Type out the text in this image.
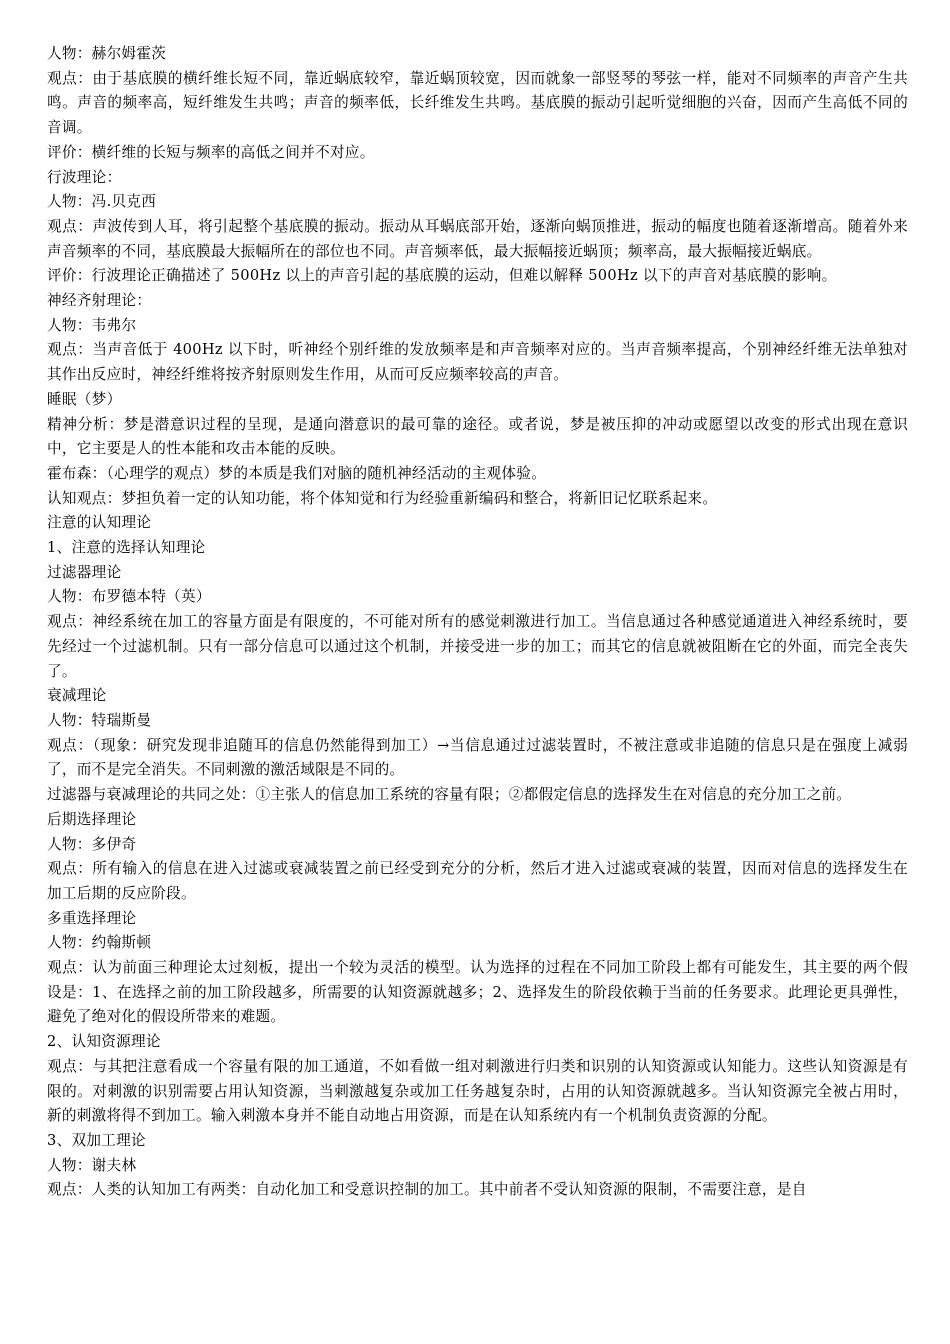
人物：赫尔姆霍茨

观点：由于基底膜的横纤维长短不同，靠近蜗底较窄，靠近蜗顶较宽，因而就象一部竖琴的琴弦一样，能对不同频率的声音产生共鸣。声音的频率高，短纤维发生共鸣；声音的频率低，长纤维发生共鸣。基底膜的振动引起听觉细胞的兴奋，因而产生高低不同的音调。

评价：横纤维的长短与频率的高低之间并不对应。

行波理论：

人物：冯.贝克西

观点：声波传到人耳，将引起整个基底膜的振动。振动从耳蜗底部开始，逐渐向蜗顶推进，振动的幅度也随着逐渐增高。随着外来声音频率的不同，基底膜最大振幅所在的部位也不同。声音频率低，最大振幅接近蜗顶；频率高，最大振幅接近蜗底。

评价：行波理论正确描述了 500Hz 以上的声音引起的基底膜的运动，但难以解释 500Hz 以下的声音对基底膜的影响。

神经齐射理论：

人物：韦弗尔

观点：当声音低于 400Hz 以下时，听神经个别纤维的发放频率是和声音频率对应的。当声音频率提高，个别神经纤维无法单独对其作出反应时，神经纤维将按齐射原则发生作用，从而可反应频率较高的声音。

睡眠（梦）

精神分析：梦是潜意识过程的呈现，是通向潜意识的最可靠的途径。或者说，梦是被压抑的冲动或愿望以改变的形式出现在意识中，它主要是人的性本能和攻击本能的反映。

霍布森：（心理学的观点）梦的本质是我们对脑的随机神经活动的主观体验。

认知观点：梦担负着一定的认知功能，将个体知觉和行为经验重新编码和整合，将新旧记忆联系起来。

注意的认知理论

1、注意的选择认知理论

过滤器理论

人物：布罗德本特（英）

观点：神经系统在加工的容量方面是有限度的，不可能对所有的感觉刺激进行加工。当信息通过各种感觉通道进入神经系统时，要先经过一个过滤机制。只有一部分信息可以通过这个机制，并接受进一步的加工；而其它的信息就被阻断在它的外面，而完全丧失了。

衰减理论

人物：特瑞斯曼

观点：（现象：研究发现非追随耳的信息仍然能得到加工）→当信息通过过滤装置时，不被注意或非追随的信息只是在强度上减弱了，而不是完全消失。不同刺激的激活域限是不同的。

过滤器与衰减理论的共同之处：①主张人的信息加工系统的容量有限；②都假定信息的选择发生在对信息的充分加工之前。

后期选择理论

人物：多伊奇

观点：所有输入的信息在进入过滤或衰减装置之前已经受到充分的分析，然后才进入过滤或衰减的装置，因而对信息的选择发生在加工后期的反应阶段。

多重选择理论

人物：约翰斯顿

观点：认为前面三种理论太过刻板，提出一个较为灵活的模型。认为选择的过程在不同加工阶段上都有可能发生，其主要的两个假设是：1、在选择之前的加工阶段越多，所需要的认知资源就越多；2、选择发生的阶段依赖于当前的任务要求。此理论更具弹性，避免了绝对化的假设所带来的难题。

2、认知资源理论

观点：与其把注意看成一个容量有限的加工通道，不如看做一组对刺激进行归类和识别的认知资源或认知能力。这些认知资源是有限的。对刺激的识别需要占用认知资源，当刺激越复杂或加工任务越复杂时，占用的认知资源就越多。当认知资源完全被占用时，新的刺激将得不到加工。输入刺激本身并不能自动地占用资源，而是在认知系统内有一个机制负责资源的分配。

3、双加工理论

人物：谢夫林

观点：人类的认知加工有两类：自动化加工和受意识控制的加工。其中前者不受认知资源的限制，不需要注意，是自
